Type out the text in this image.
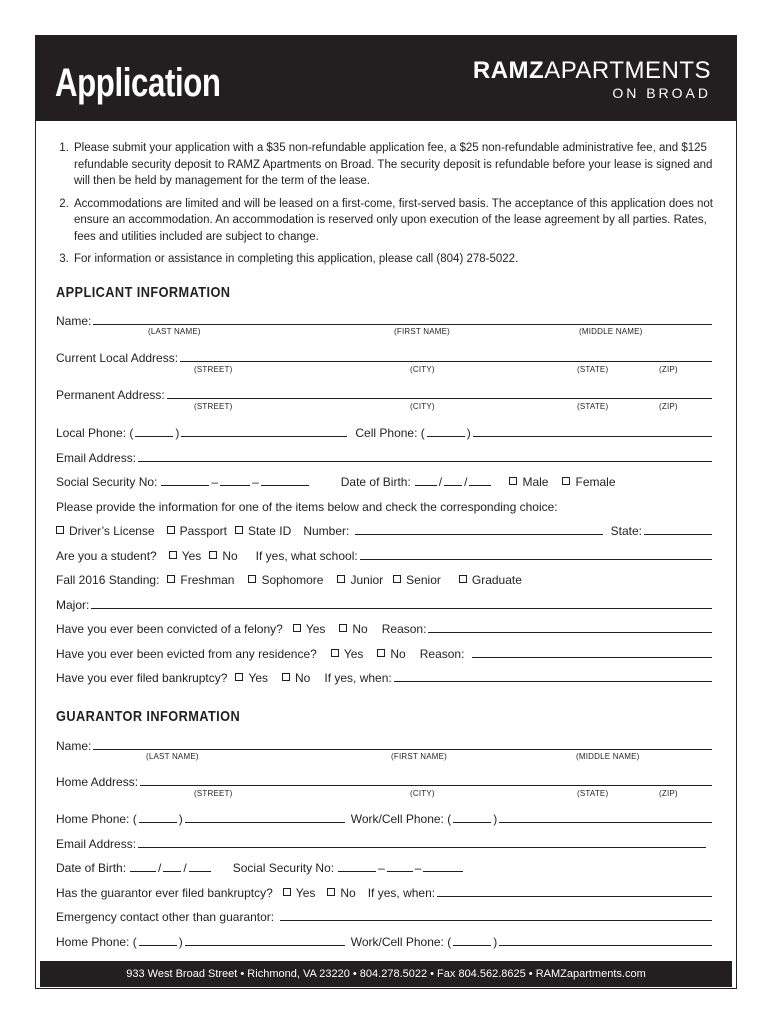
Application	RAMZAPARTMENTS
ON BROAD
1. Please submit your application with a $35 non-refundable application fee, a $25 non-refundable administrative fee, and $125 refundable security deposit to RAMZ Apartments on Broad. The security deposit is refundable before your lease is signed and will then be held by management for the term of the lease.
2. Accommodations are limited and will be leased on a first-come, first-served basis. The acceptance of this application does not ensure an accommodation. An accommodation is reserved only upon execution of the lease agreement by all parties. Rates, fees and utilities included are subject to change.
3. For information or assistance in completing this application, please call (804) 278-5022.
APPLICANT INFORMATION
Name:
(LAST NAME)	(FIRST NAME)	(MIDDLE NAME)
Current Local Address:
(STREET)	(CITY)	(STATE)	(ZIP)
Permanent Address:
(STREET)	(CITY)	(STATE)	(ZIP)
Local Phone: (	)	Cell Phone: (	)
Email Address:
Social Security No:	–	–	Date of Birth: / /	Male Female
Please provide the information for one of the items below and check the corresponding choice:
Driver’s License Passport State ID Number:	State:
Are you a student? Yes No If yes, what school:
Fall 2016 Standing: Freshman Sophomore Junior Senior	Graduate
Major:
Have you ever been convicted of a felony? Yes No Reason:
Have you ever been evicted from any residence? Yes No Reason:
Have you ever filed bankruptcy? Yes No If yes, when:
GUARANTOR INFORMATION
Name:
(LAST NAME)	(FIRST NAME)	(MIDDLE NAME)
Home Address:
(STREET)	(CITY)	(STATE)	(ZIP)
Home Phone: (	)	Work/Cell Phone: (	)
Email Address:
Date of Birth:	/ /	Social Security No:	–	–
Has the guarantor ever filed bankruptcy? Yes No If yes, when:
Emergency contact other than guarantor:
Home Phone: (	)	Work/Cell Phone: (	)
933 West Broad Street • Richmond, VA 23220 • 804.278.5022 • Fax 804.562.8625 • RAMZapartments.com
